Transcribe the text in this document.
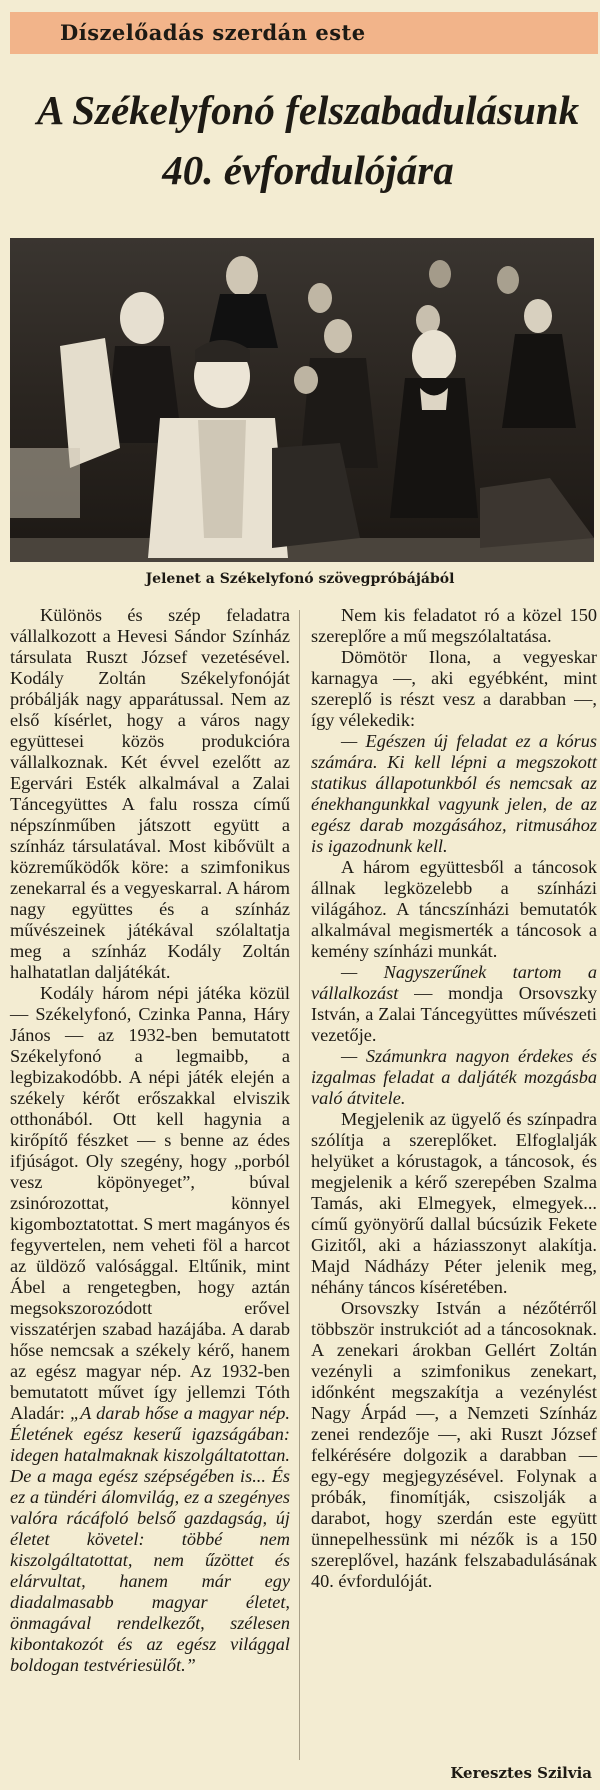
Díszelőadás szerdán este
A Székelyfonó felszabadulásunk 40. évfordulójára
Jelenet a Székelyfonó szövegpróbájából

Különös és szép feladatra vállalkozott a Hevesi Sándor Színház társulata Ruszt József vezetésével. Kodály Zoltán Székelyfonóját próbálják nagy apparátussal. Nem az első kísérlet, hogy a város nagy együttesei közös produkcióra vállalkoznak. Két évvel ezelőtt az Egervári Esték alkalmával a Zalai Táncegyüttes A falu rossza című népszínműben játszott együtt a színház társulatával. Most kibővült a közreműködők köre: a szimfonikus zenekarral és a vegyeskarral. A három nagy együttes és a színház művészeinek játékával szólaltatja meg a színház Kodály Zoltán halhatatlan daljátékát.

Kodály három népi játéka közül — Székelyfonó, Czinka Panna, Háry János — az 1932-ben bemutatott Székelyfonó a legmaibb, a legbizakodóbb. A népi játék elején a székely kérőt erőszakkal elviszik otthonából. Ott kell hagynia a kirőpítő fészket — s benne az édes ifjúságot. Oly szegény, hogy „porból vesz köpönyeget”, búval zsinórozottat, könnyel kigomboztatottat. S mert magányos és fegyvertelen, nem veheti föl a harcot az üldöző valósággal. Eltűnik, mint Ábel a rengetegben, hogy aztán megsokszorozódott erővel visszatérjen szabad hazájába. A darab hőse nemcsak a székely kérő, hanem az egész magyar nép. Az 1932-ben bemutatott művet így jellemzi Tóth Aladár: „A darab hőse a magyar nép. Életének egész keserű igazságában: idegen hatalmaknak kiszolgáltatottan. De a maga egész szépségében is... És ez a tündéri álomvilág, ez a szegényes valóra rácáfoló belső gazdagság, új életet követel: többé nem kiszolgáltatottat, nem űzöttet és elárvultat, hanem már egy diadalmasabb magyar életet, önmagával rendelkezőt, szélesen kibontakozót és az egész világgal boldogan testvériesülőt.”

Nem kis feladatot ró a közel 150 szereplőre a mű megszólaltatása.

Dömötör Ilona, a vegyeskar karnagya —, aki egyébként, mint szereplő is részt vesz a darabban —, így vélekedik:

— Egészen új feladat ez a kórus számára. Ki kell lépni a megszokott statikus állapotunkból és nemcsak az énekhangunkkal vagyunk jelen, de az egész darab mozgásához, ritmusához is igazodnunk kell.

A három együttesből a táncosok állnak legközelebb a színházi világához. A táncszínházi bemutatók alkalmával megismerték a táncosok a kemény színházi munkát.

— Nagyszerűnek tartom a vállalkozást — mondja Orsovszky István, a Zalai Táncegyüttes művészeti vezetője.

— Számunkra nagyon érdekes és izgalmas feladat a daljáték mozgásba való átvitele.

Megjelenik az ügyelő és színpadra szólítja a szereplőket. Elfoglalják helyüket a kórustagok, a táncosok, és megjelenik a kérő szerepében Szalma Tamás, aki Elmegyek, elmegyek... című gyönyörű dallal búcsúzik Fekete Gizitől, aki a háziasszonyt alakítja. Majd Nádházy Péter jelenik meg, néhány táncos kíséretében.

Orsovszky István a nézőtérről többször instrukciót ad a táncosoknak. A zenekari árokban Gellért Zoltán vezényli a szimfonikus zenekart, időnként megszakítja a vezénylést Nagy Árpád —, a Nemzeti Színház zenei rendezője —, aki Ruszt József felkérésére dolgozik a darabban — egy-egy megjegyzésével. Folynak a próbák, finomítják, csiszolják a darabot, hogy szerdán este együtt ünnepelhessünk mi nézők is a 150 szereplővel, hazánk felszabadulásának 40. évfordulóját.

Keresztes Szilvia
